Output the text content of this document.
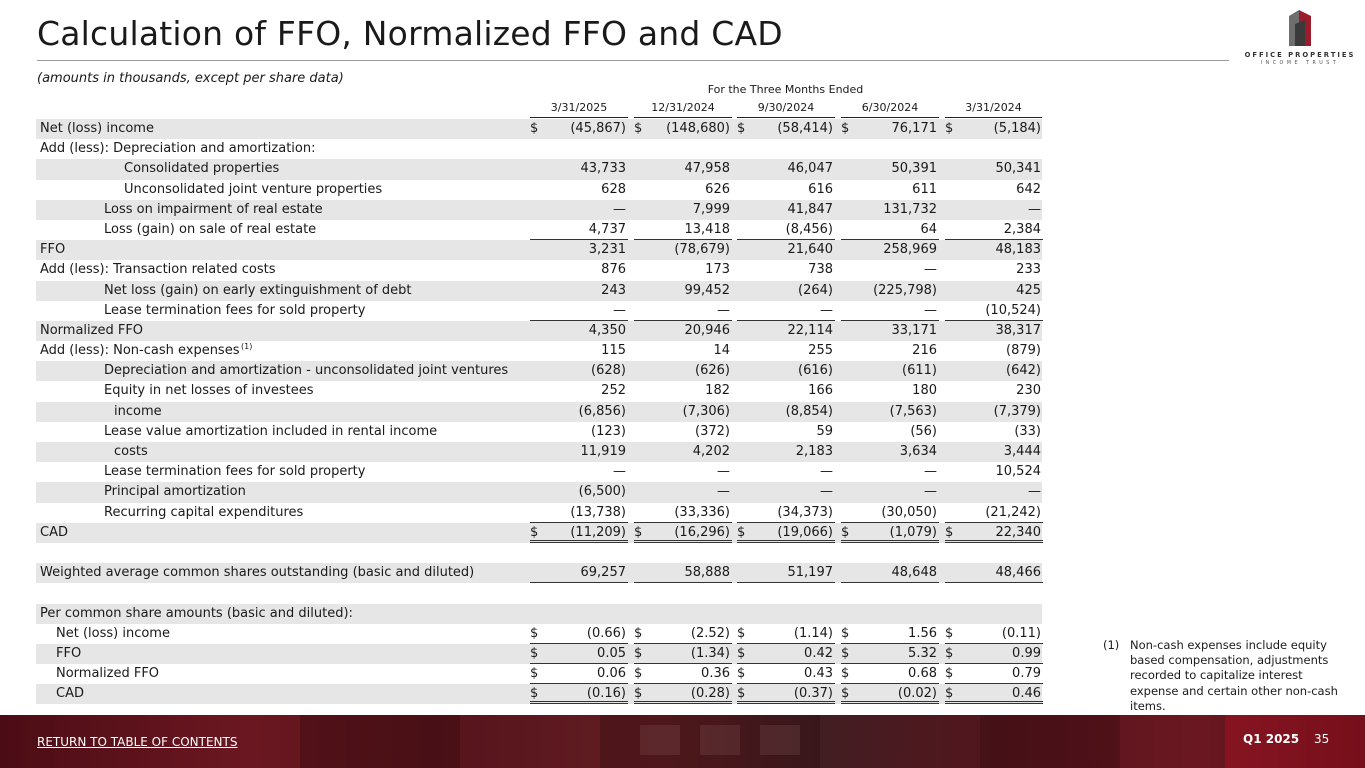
Calculation of FFO, Normalized FFO and CAD
OFFICE PROPERTIES
INCOME TRUST
(amounts in thousands, except per share data)
For the Three Months Ended
3/31/2025	12/31/2024	9/30/2024	6/30/2024	3/31/2024
Net (loss) income	$	(45,867) $	(148,680) $	(58,414) $	76,171 $	(5,184)
Add (less): Depreciation and amortization:
Consolidated properties	43,733	47,958	46,047	50,391	50,341
Unconsolidated joint venture properties	628	626	616	611	642
Loss on impairment of real estate	—	7,999	41,847	131,732	—
Loss (gain) on sale of real estate	4,737	13,418	(8,456)	64	2,384
FFO	3,231	(78,679)	21,640	258,969	48,183
Add (less): Transaction related costs	876	173	738	—	233
Net loss (gain) on early extinguishment of debt	243	99,452	(264)	(225,798)	425
Lease termination fees for sold property	—	—	—	—	(10,524)
Normalized FFO	4,350	20,946	22,114	33,171	38,317
Add (less): Non-cash expenses (1)	115	14	255	216	(879)
Depreciation and amortization - unconsolidated joint ventures	(628)	(626)	(616)	(611)	(642)
Equity in net losses of investees	252	182	166	180	230
income	(6,856)	(7,306)	(8,854)	(7,563)	(7,379)
Lease value amortization included in rental income	(123)	(372)	59	(56)	(33)
costs	11,919	4,202	2,183	3,634	3,444
Lease termination fees for sold property	—	—	—	—	10,524
Principal amortization	(6,500)	—	—	—	—
Recurring capital expenditures	(13,738)	(33,336)	(34,373)	(30,050)	(21,242)
CAD	$	(11,209) $	(16,296) $	(19,066) $	(1,079) $	22,340
Weighted average common shares outstanding (basic and diluted)	69,257	58,888	51,197	48,648	48,466
Per common share amounts (basic and diluted):
Net (loss) income	$	(0.66) $	(2.52) $	(1.14) $	1.56 $	(0.11)
FFO	$	0.05 $	(1.34) $	0.42 $	5.32 $	0.99
Normalized FFO	$	0.06 $	0.36 $	0.43 $	0.68 $	0.79
CAD	$	(0.16) $	(0.28) $	(0.37) $	(0.02) $	0.46
(1) Non-cash expenses include equity based compensation, adjustments recorded to capitalize interest expense and certain other non-cash items.
RETURN TO TABLE OF CONTENTS	Q1 2025 35
